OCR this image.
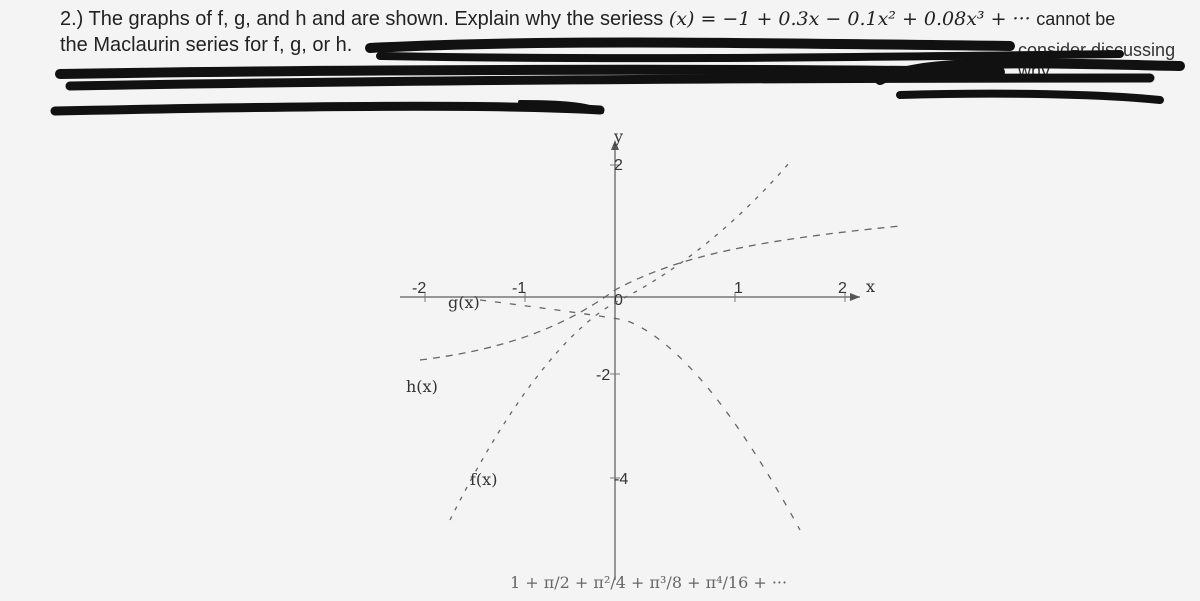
2.) The graphs of f, g, and h and are shown. Explain why the seriess (x) = −1 + 0.3x − 0.1x² + 0.08x³ + ··· cannot be
the Maclaurin series for f, g, or h.	consider discussing why
y
x
-2	-1
0
1	2
2
-2
-4
g(x)
h(x)
f(x)
1 + π/2 + π²/4 + π³/8 + π⁴/16 + ···
